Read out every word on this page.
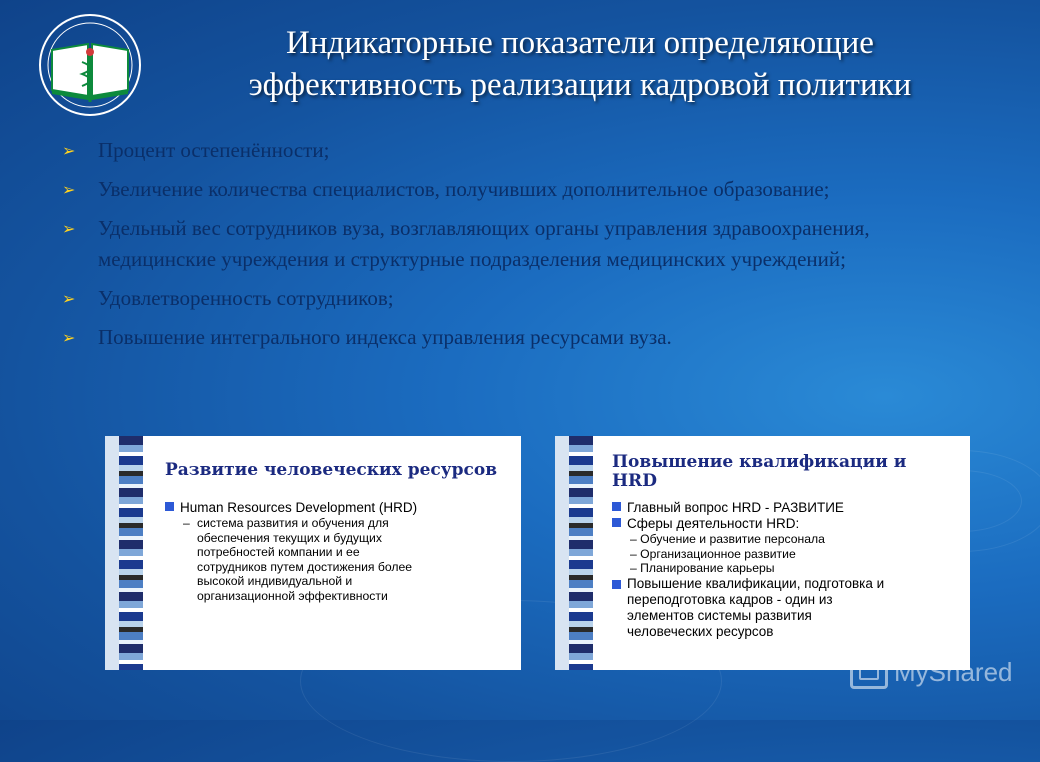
Индикаторные показатели определяющие
эффективность реализации кадровой политики
➢ Процент остепенённости;
➢ Увеличение количества специалистов, получивших дополнительное образование;
➢ Удельный вес сотрудников вуза, возглавляющих органы управления здравоохранения, медицинские учреждения и структурные подразделения медицинских учреждений;
➢ Удовлетворенность сотрудников;
➢ Повышение интегрального индекса управления ресурсами вуза.
Развитие человеческих ресурсов
Human Resources Development (HRD)
– система развития и обучения для
обеспечения текущих и будущих
потребностей компании и ее
сотрудников путем достижения более
высокой индивидуальной и
организационной эффективности
Повышение квалификации и
HRD
Главный вопрос HRD - РАЗВИТИЕ
Сферы деятельности HRD:
– Обучение и развитие персонала
– Организационное развитие
– Планирование карьеры
Повышение квалификации, подготовка и
переподготовка кадров - один из
элементов системы развития
человеческих ресурсов
MyShared
